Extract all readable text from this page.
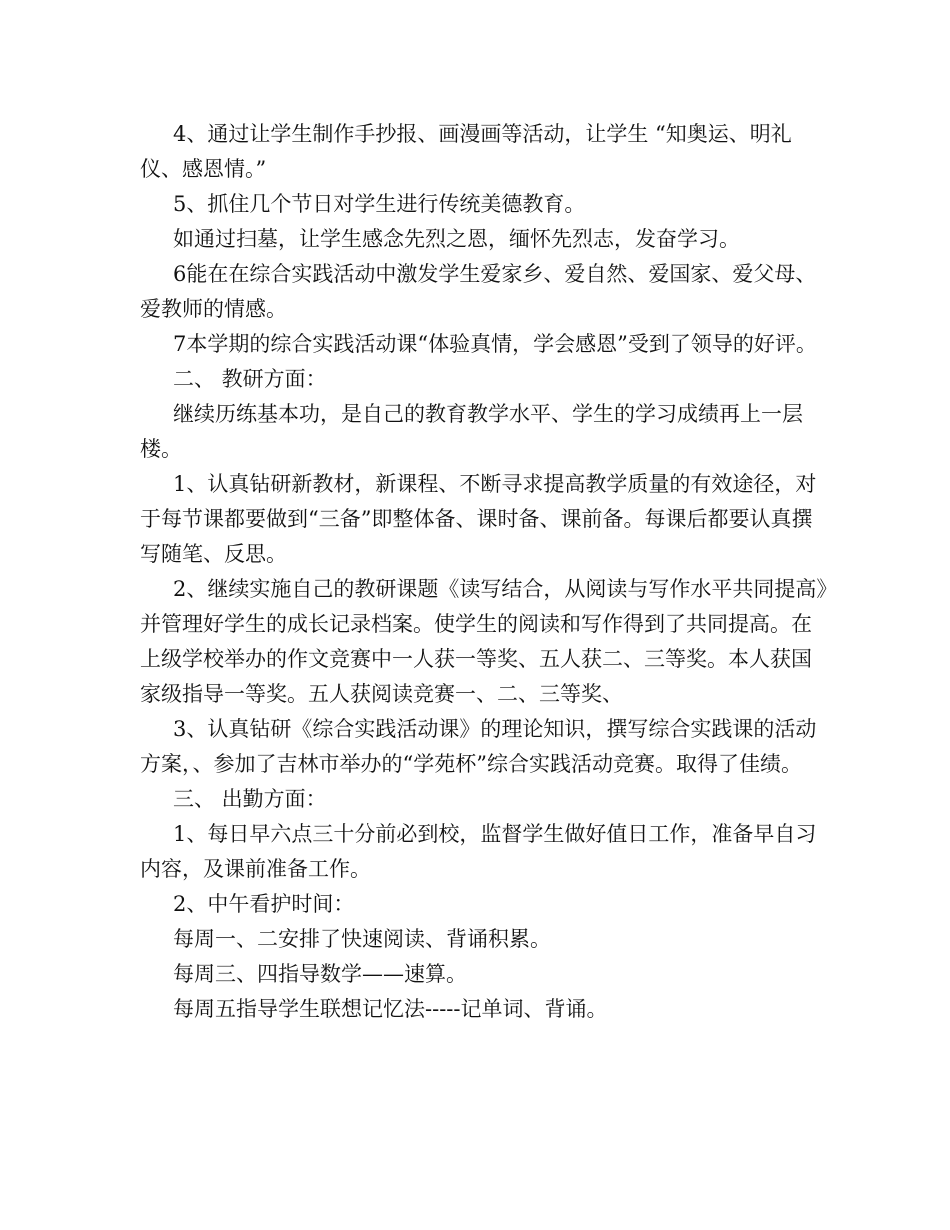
4、通过让学生制作手抄报、画漫画等活动，让学生 “知奥运、明礼仪、感恩情。”

5、抓住几个节日对学生进行传统美德教育。

如通过扫墓，让学生感念先烈之恩，缅怀先烈志，发奋学习。

6能在在综合实践活动中激发学生爱家乡、爱自然、爱国家、爱父母、爱教师的情感。

7本学期的综合实践活动课“体验真情，学会感恩”受到了领导的好评。

二、 教研方面：

继续历练基本功，是自己的教育教学水平、学生的学习成绩再上一层楼。

1、认真钻研新教材，新课程、不断寻求提高教学质量的有效途径，对于每节课都要做到“三备”即整体备、课时备、课前备。每课后都要认真撰写随笔、反思。

2、继续实施自己的教研课题《读写结合，从阅读与写作水平共同提高》并管理好学生的成长记录档案。使学生的阅读和写作得到了共同提高。在上级学校举办的作文竞赛中一人获一等奖、五人获二、三等奖。本人获国家级指导一等奖。五人获阅读竞赛一、二、三等奖、

3、认真钻研《综合实践活动课》的理论知识，撰写综合实践课的活动方案，、参加了吉林市举办的“学苑杯”综合实践活动竞赛。取得了佳绩。

三、 出勤方面：

1、每日早六点三十分前必到校，监督学生做好值日工作，准备早自习内容，及课前准备工作。

2、中午看护时间：

每周一、二安排了快速阅读、背诵积累。

每周三、四指导数学——速算。

每周五指导学生联想记忆法-----记单词、背诵。
